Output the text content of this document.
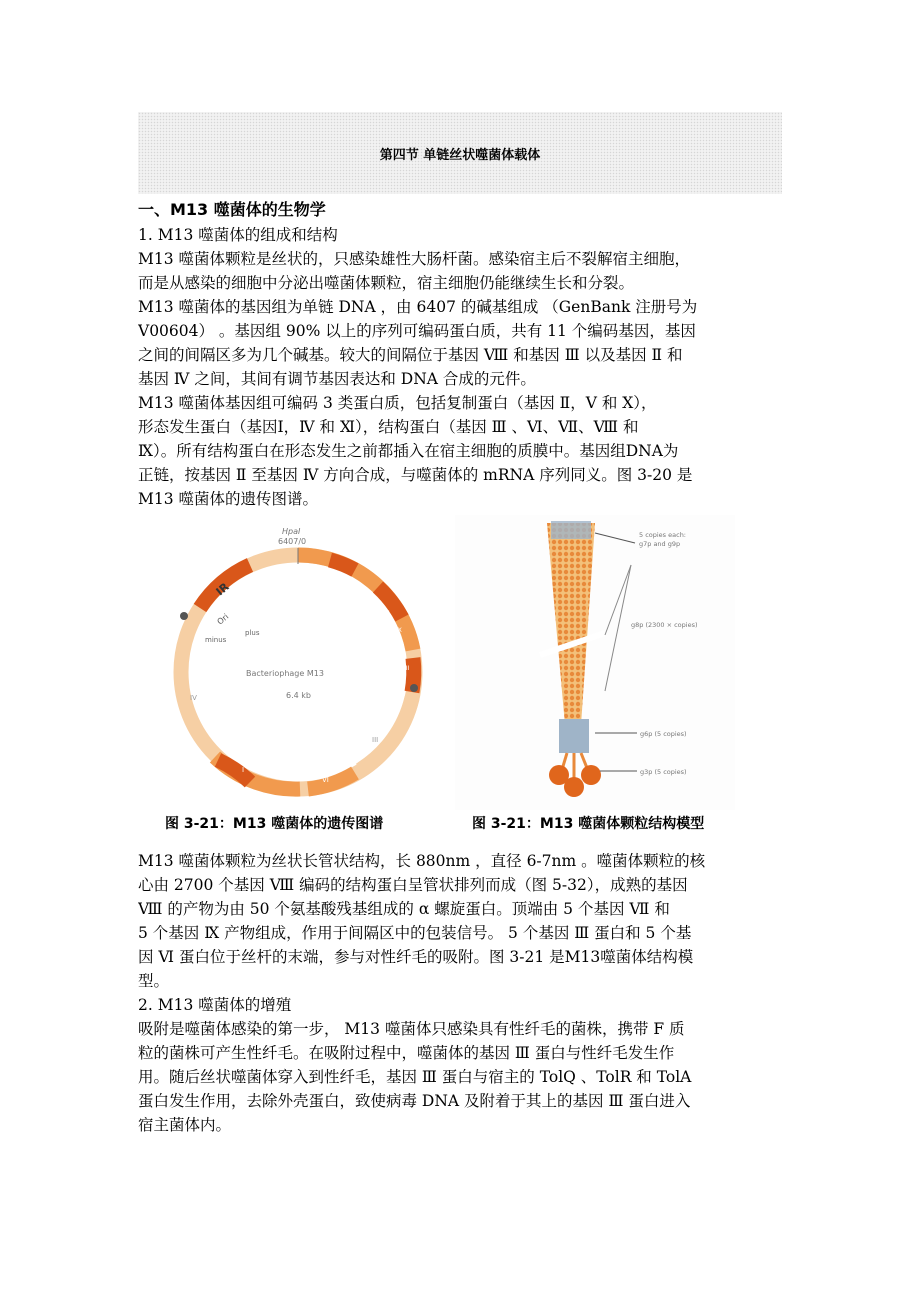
第四节 单链丝状噬菌体载体
一、M13 噬菌体的生物学
1. M13 噬菌体的组成和结构
M13 噬菌体颗粒是丝状的，只感染雄性大肠杆菌。感染宿主后不裂解宿主细胞，
而是从感染的细胞中分泌出噬菌体颗粒，宿主细胞仍能继续生长和分裂。
M13 噬菌体的基因组为单链 DNA ，由 6407 的碱基组成 （GenBank 注册号为
V00604） 。基因组 90% 以上的序列可编码蛋白质，共有 11 个编码基因，基因
之间的间隔区多为几个碱基。较大的间隔位于基因 Ⅷ 和基因 Ⅲ 以及基因 Ⅱ 和
基因 Ⅳ 之间，其间有调节基因表达和 DNA 合成的元件。
M13 噬菌体基因组可编码 3 类蛋白质，包括复制蛋白（基因 Ⅱ，Ⅴ 和 Ⅹ），
形态发生蛋白（基因Ⅰ，Ⅳ 和 Ⅺ），结构蛋白（基因 Ⅲ 、Ⅵ、Ⅶ、Ⅷ 和
Ⅸ）。所有结构蛋白在形态发生之前都插入在宿主细胞的质膜中。基因组DNA为
正链，按基因 Ⅱ 至基因 Ⅳ 方向合成，与噬菌体的 mRNA 序列同义。图 3-20 是
M13 噬菌体的遗传图谱。
HpaI
6407/0
IR
plus
Ori
minus
Bacteriophage M13
6.4 kb
II	X
V
VII
IX
VIII
III
VI
I
IV
5 copies each:
g7p and g9p
g8p (2300 × copies)
g6p (5 copies)
g3p (5 copies)
图 3-21：M13 噬菌体的遗传图谱	图 3-21：M13 噬菌体颗粒结构模型
M13 噬菌体颗粒为丝状长管状结构，长 880nm ，直径 6-7nm 。噬菌体颗粒的核
心由 2700 个基因 Ⅷ 编码的结构蛋白呈管状排列而成（图 5-32），成熟的基因
Ⅷ 的产物为由 50 个氨基酸残基组成的 α 螺旋蛋白。顶端由 5 个基因 Ⅶ 和
5 个基因 Ⅸ 产物组成，作用于间隔区中的包装信号。 5 个基因 Ⅲ 蛋白和 5 个基
因 Ⅵ 蛋白位于丝杆的末端，参与对性纤毛的吸附。图 3-21 是M13噬菌体结构模
型。
2. M13 噬菌体的增殖
吸附是噬菌体感染的第一步， M13 噬菌体只感染具有性纤毛的菌株，携带 F 质
粒的菌株可产生性纤毛。在吸附过程中，噬菌体的基因 Ⅲ 蛋白与性纤毛发生作
用。随后丝状噬菌体穿入到性纤毛，基因 Ⅲ 蛋白与宿主的 TolQ 、TolR 和 TolA
蛋白发生作用，去除外壳蛋白，致使病毒 DNA 及附着于其上的基因 Ⅲ 蛋白进入
宿主菌体内。
